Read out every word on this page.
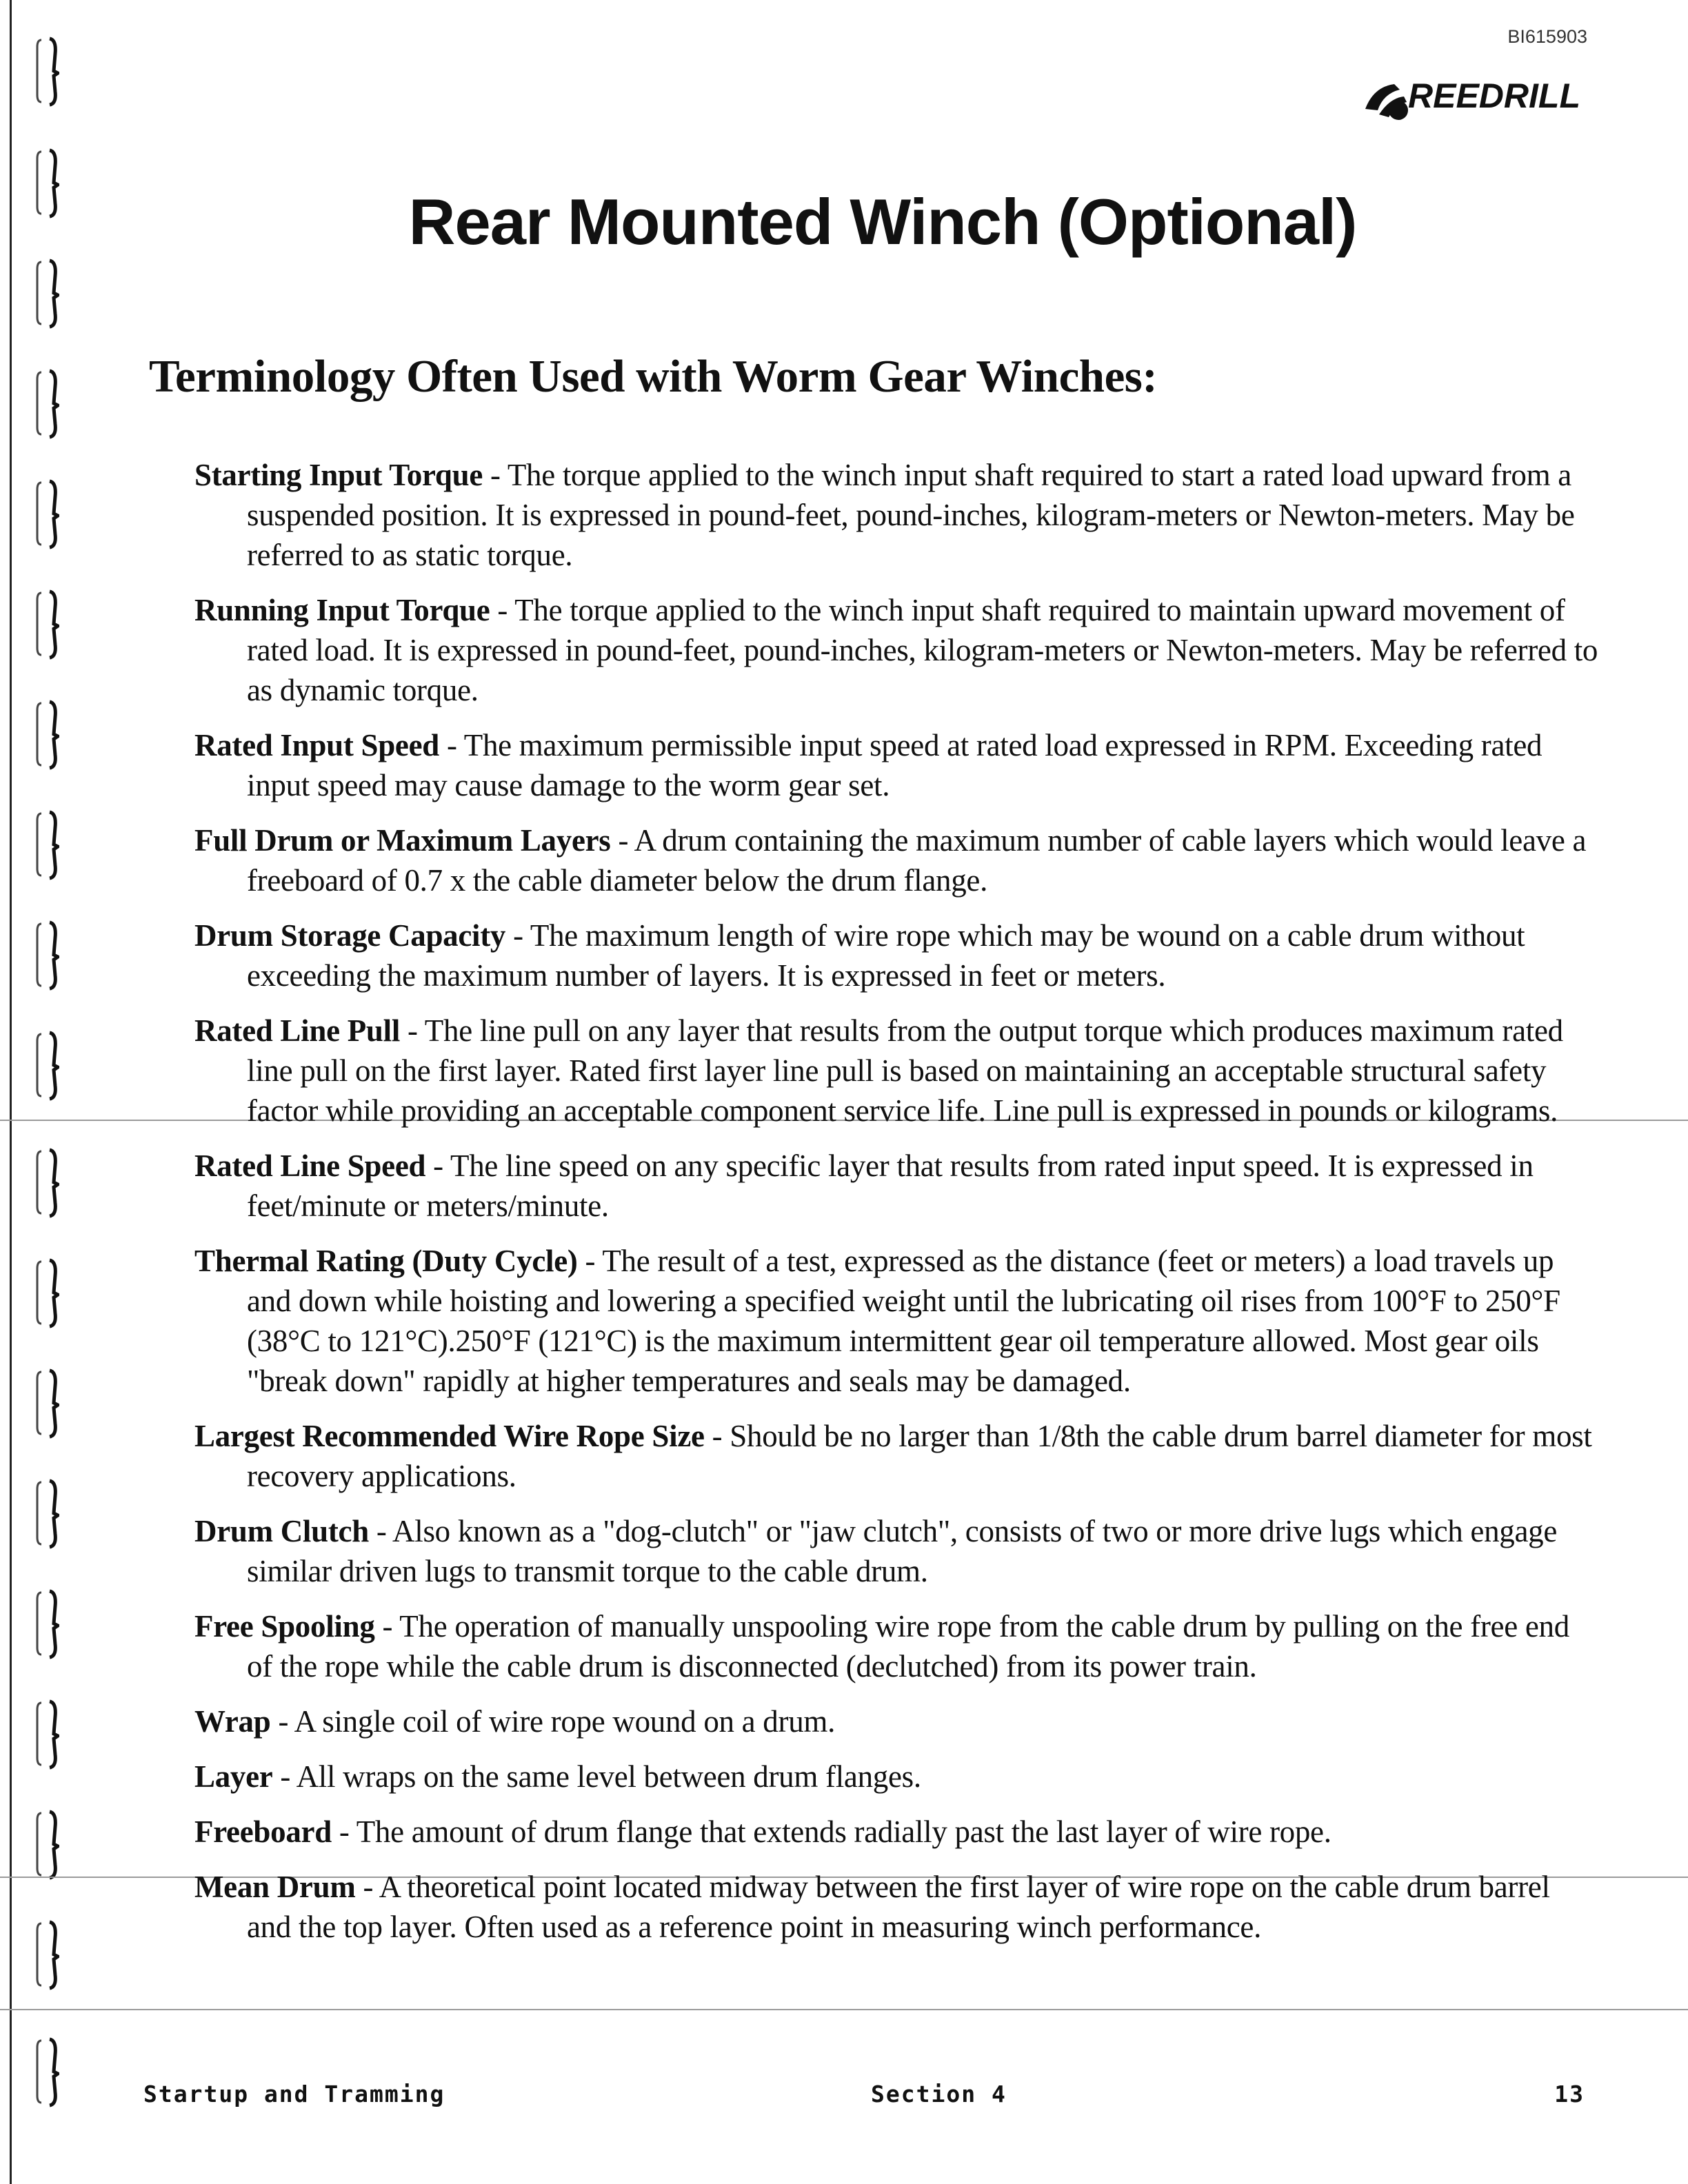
BI615903
REEDRILL
Rear Mounted Winch (Optional)
Terminology Often Used with Worm Gear Winches:

Starting Input Torque - The torque applied to the winch input shaft required to start a rated load upward from a suspended position. It is expressed in pound-feet, pound-inches, kilogram-meters or Newton-meters. May be referred to as static torque.

Running Input Torque - The torque applied to the winch input shaft required to maintain upward movement of rated load. It is expressed in pound-feet, pound-inches, kilogram-meters or Newton-meters. May be referred to as dynamic torque.

Rated Input Speed - The maximum permissible input speed at rated load expressed in RPM. Exceeding rated input speed may cause damage to the worm gear set.

Full Drum or Maximum Layers - A drum containing the maximum number of cable layers which would leave a freeboard of 0.7 x the cable diameter below the drum flange.

Drum Storage Capacity - The maximum length of wire rope which may be wound on a cable drum without exceeding the maximum number of layers. It is expressed in feet or meters.

Rated Line Pull - The line pull on any layer that results from the output torque which produces maximum rated line pull on the first layer. Rated first layer line pull is based on maintaining an acceptable structural safety factor while providing an acceptable component service life. Line pull is expressed in pounds or kilograms.

Rated Line Speed - The line speed on any specific layer that results from rated input speed. It is expressed in feet/minute or meters/minute.

Thermal Rating (Duty Cycle) - The result of a test, expressed as the distance (feet or meters) a load travels up and down while hoisting and lowering a specified weight until the lubricating oil rises from 100°F to 250°F (38°C to 121°C).250°F (121°C) is the maximum intermittent gear oil temperature allowed. Most gear oils "break down" rapidly at higher temperatures and seals may be damaged.

Largest Recommended Wire Rope Size - Should be no larger than 1/8th the cable drum barrel diameter for most recovery applications.

Drum Clutch - Also known as a "dog-clutch" or "jaw clutch", consists of two or more drive lugs which engage similar driven lugs to transmit torque to the cable drum.

Free Spooling - The operation of manually unspooling wire rope from the cable drum by pulling on the free end of the rope while the cable drum is disconnected (declutched) from its power train.

Wrap - A single coil of wire rope wound on a drum.

Layer - All wraps on the same level between drum flanges.

Freeboard - The amount of drum flange that extends radially past the last layer of wire rope.

Mean Drum - A theoretical point located midway between the first layer of wire rope on the cable drum barrel and the top layer. Often used as a reference point in measuring winch performance.

Startup and Tramming	Section 4	13
